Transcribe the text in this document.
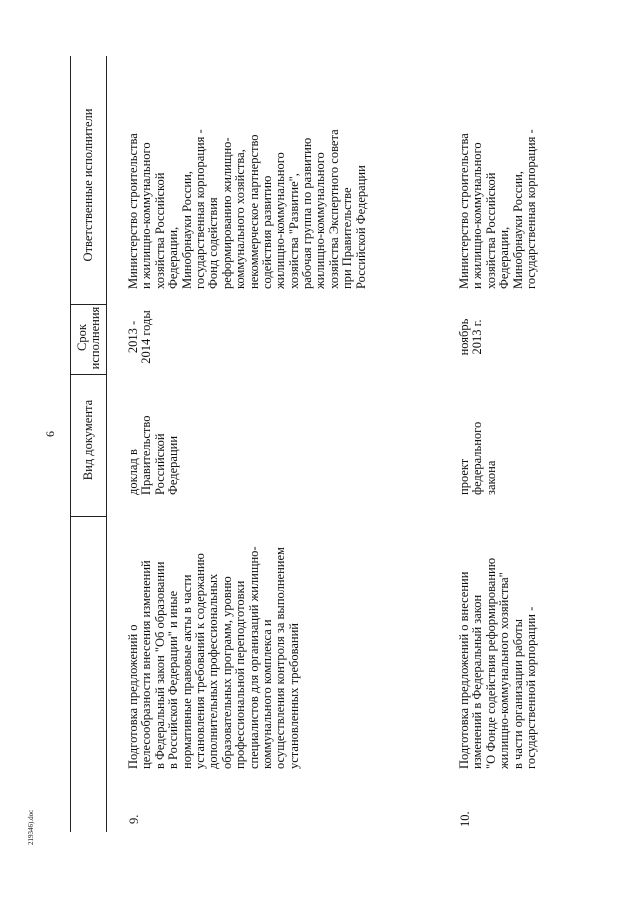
6
219346).doc
Вид документа
Срок исполнения
Ответственные исполнители
9.
Подготовка предложений о целесообразности внесения изменений в Федеральный закон "Об образовании в Российской Федерации" и иные нормативные правовые акты в части установления требований к содержанию дополнительных профессиональных образовательных программ, уровню профессиональной переподготовки специалистов для организаций жилищно- коммунального комплекса и осуществления контроля за выполнением установленных требований
доклад в Правительство Российской Федерации
2013 - 2014 годы
Министерство строительства и жилищно-коммунального хозяйства Российской Федерации, Минобрнауки России, государственная корпорация - Фонд содействия реформированию жилищно- коммунального хозяйства, некоммерческое партнерство содействия развитию жилищно-коммунального хозяйства "Развитие", рабочая группа по развитию жилищно-коммунального хозяйства Экспертного совета при Правительстве Российской Федерации
10.
Подготовка предложений о внесении изменений в Федеральный закон "О Фонде содействия реформированию жилищно-коммунального хозяйства" в части организации работы государственной корпорации -
проект федерального закона
ноябрь 2013 г.
Министерство строительства и жилищно-коммунального хозяйства Российской Федерации, Минобрнауки России, государственная корпорация -
